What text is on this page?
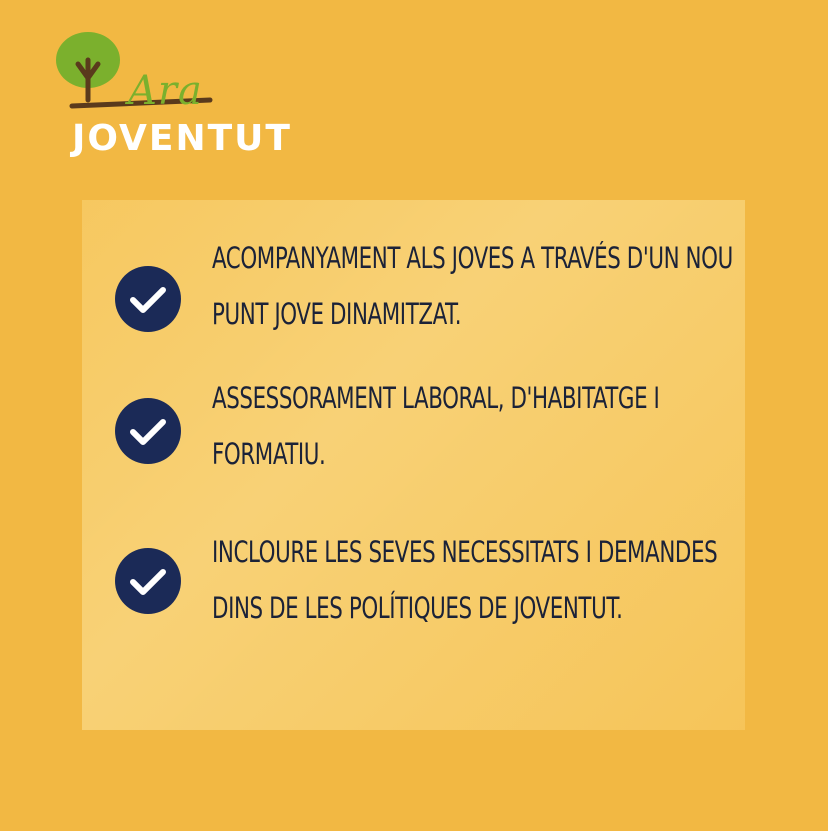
Ara
JOVENTUT
ACOMPANYAMENT ALS JOVES A TRAVÉS D'UN NOU PUNT JOVE DINAMITZAT.
ASSESSORAMENT LABORAL, D'HABITATGE I FORMATIU.
INCLOURE LES SEVES NECESSITATS I DEMANDES DINS DE LES POLÍTIQUES DE JOVENTUT.
